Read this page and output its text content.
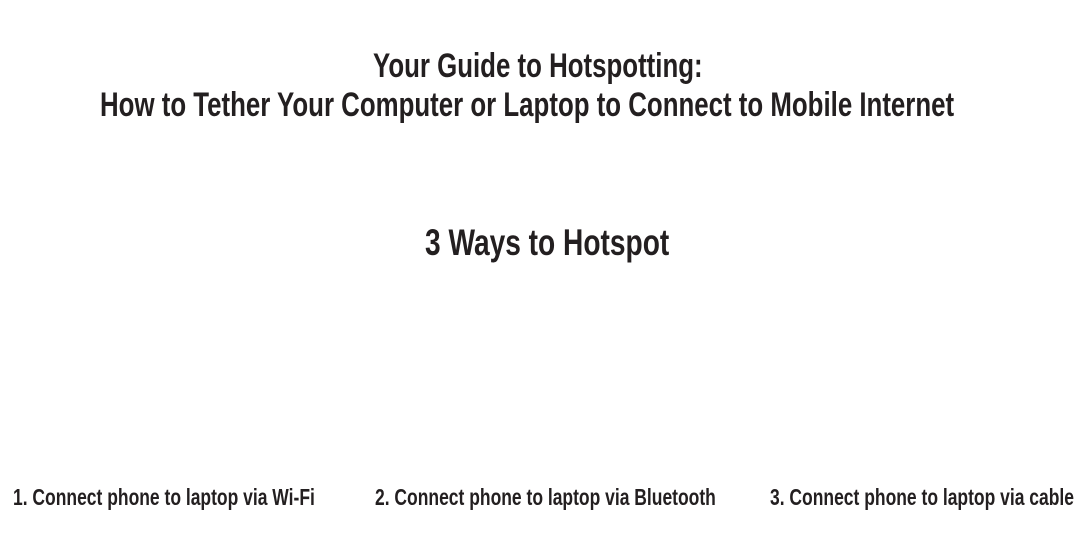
Your Guide to Hotspotting:
How to Tether Your Computer or Laptop to Connect to Mobile Internet
3 Ways to Hotspot
1. Connect phone to laptop via Wi-Fi	2. Connect phone to laptop via Bluetooth 3. Connect phone to laptop via cable
